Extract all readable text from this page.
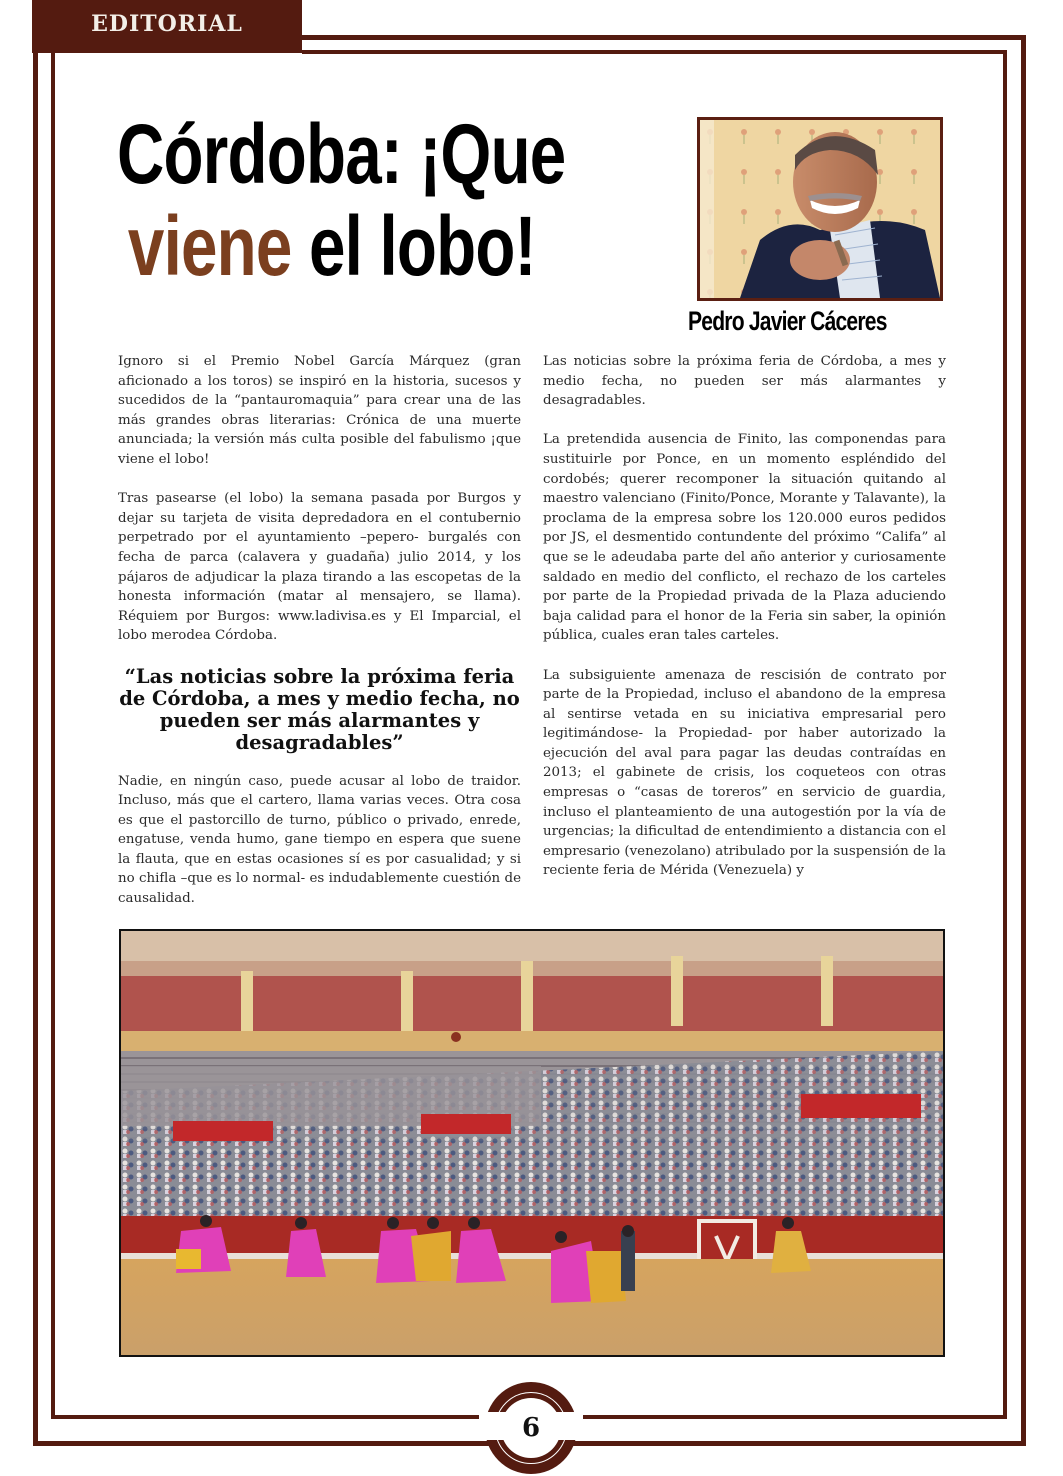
EDITORIAL
Córdoba: ¡Que
viene el lobo!
Pedro Javier Cáceres

Ignoro si el Premio Nobel García Márquez (gran aficionado a los toros) se inspiró en la historia, sucesos y sucedidos de la “pantauromaquia” para crear una de las más grandes obras literarias: Crónica de una muerte anunciada; la versión más culta posible del fabulismo ¡que viene el lobo!

Tras pasearse (el lobo) la semana pasada por Burgos y dejar su tarjeta de visita depredadora en el contubernio perpetrado por el ayuntamiento –pepero- burgalés con fecha de parca (calavera y guadaña) julio 2014, y los pájaros de adjudicar la plaza tirando a las escopetas de la honesta información (matar al mensajero, se llama). Réquiem por Burgos: www.ladivisa.es y El Imparcial, el lobo merodea Córdoba.

“Las noticias sobre la próxima feria de Córdoba, a mes y medio fecha, no pueden ser más alarmantes y desagradables”

Nadie, en ningún caso, puede acusar al lobo de traidor. Incluso, más que el cartero, llama varias veces. Otra cosa es que el pastorcillo de turno, público o privado, enrede, engatuse, venda humo, gane tiempo en espera que suene la flauta, que en estas ocasiones sí es por casualidad; y si no chifla –que es lo normal- es indudablemente cuestión de causalidad.

Las noticias sobre la próxima feria de Córdoba, a mes y medio fecha, no pueden ser más alarmantes y desagradables.

La pretendida ausencia de Finito, las componendas para sustituirle por Ponce, en un momento espléndido del cordobés; querer recomponer la situación quitando al maestro valenciano (Finito/Ponce, Morante y Talavante), la proclama de la empresa sobre los 120.000 euros pedidos por JS, el desmentido contundente del próximo “Califa” al que se le adeudaba parte del año anterior y curiosamente saldado en medio del conflicto, el rechazo de los carteles por parte de la Propiedad privada de la Plaza aduciendo baja calidad para el honor de la Feria sin saber, la opinión pública, cuales eran tales carteles.

La subsiguiente amenaza de rescisión de contrato por parte de la Propiedad, incluso el abandono de la empresa al sentirse vetada en su iniciativa empresarial pero legitimándose- la Propiedad- por haber autorizado la ejecución del aval para pagar las deudas contraídas en 2013; el gabinete de crisis, los coqueteos con otras empresas o “casas de toreros” en servicio de guardia, incluso el planteamiento de una autogestión por la vía de urgencias; la dificultad de entendimiento a distancia con el empresario (venezolano) atribulado por la suspensión de la reciente feria de Mérida (Venezuela) y

6
